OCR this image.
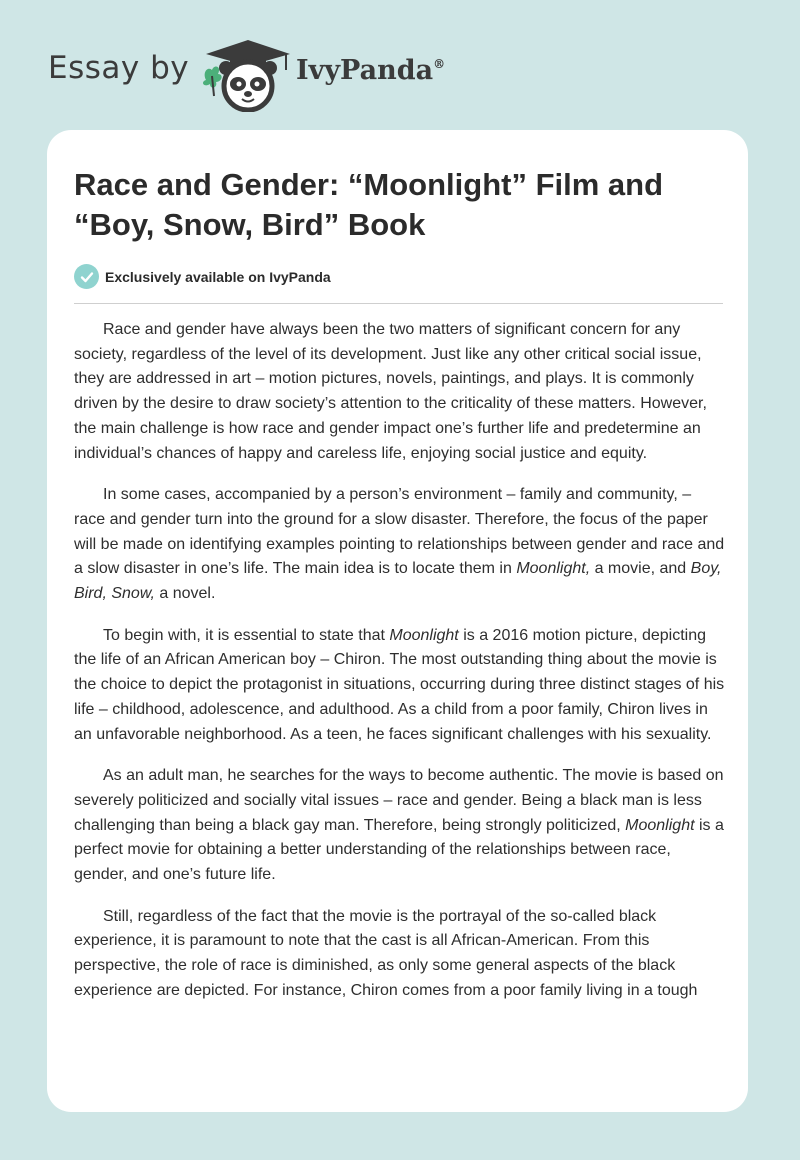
Essay by	IvyPanda®
Race and Gender: “Moonlight” Film and
“Boy, Snow, Bird” Book
Exclusively available on IvyPanda

Race and gender have always been the two matters of significant concern for any society, regardless of the level of its development. Just like any other critical social issue, they are addressed in art – motion pictures, novels, paintings, and plays. It is commonly driven by the desire to draw society’s attention to the criticality of these matters. However, the main challenge is how race and gender impact one’s further life and predetermine an individual’s chances of happy and careless life, enjoying social justice and equity.

In some cases, accompanied by a person’s environment – family and community, – race and gender turn into the ground for a slow disaster. Therefore, the focus of the paper will be made on identifying examples pointing to relationships between gender and race and a slow disaster in one’s life. The main idea is to locate them in Moonlight, a movie, and Boy, Bird, Snow, a novel.

To begin with, it is essential to state that Moonlight is a 2016 motion picture, depicting the life of an African American boy – Chiron. The most outstanding thing about the movie is the choice to depict the protagonist in situations, occurring during three distinct stages of his life – childhood, adolescence, and adulthood. As a child from a poor family, Chiron lives in an unfavorable neighborhood. As a teen, he faces significant challenges with his sexuality.

As an adult man, he searches for the ways to become authentic. The movie is based on severely politicized and socially vital issues – race and gender. Being a black man is less challenging than being a black gay man. Therefore, being strongly politicized, Moonlight is a perfect movie for obtaining a better understanding of the relationships between race, gender, and one’s future life.

Still, regardless of the fact that the movie is the portrayal of the so-called black experience, it is paramount to note that the cast is all African-American. From this perspective, the role of race is diminished, as only some general aspects of the black experience are depicted. For instance, Chiron comes from a poor family living in a tough
